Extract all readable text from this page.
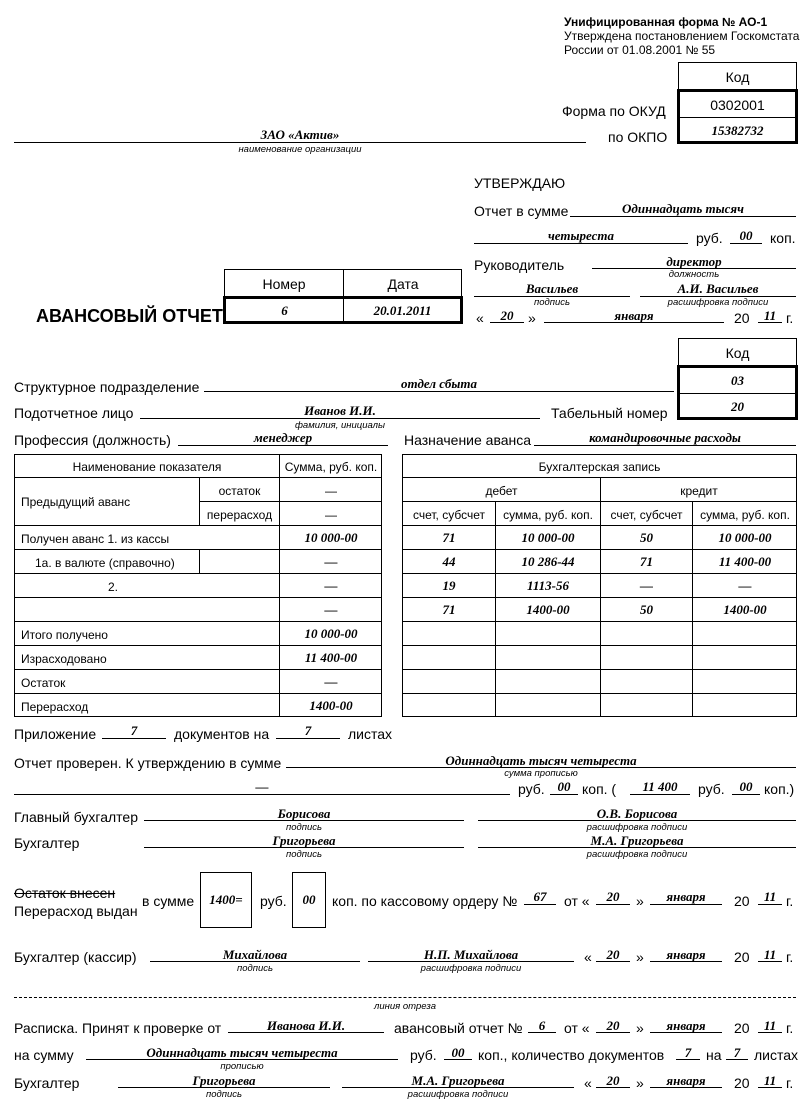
Унифицированная форма № АО-1
Утверждена постановлением Госкомстата
России от 01.08.2001 № 55
Код
0302001
15382732
Форма по ОКУД
по ОКПО
ЗАО «Актив»
наименование организации
УТВЕРЖДАЮ
Отчет в сумме	Одиннадцать тысяч
четыреста	руб.	00	коп.
Руководитель	директор
должность
Васильев
подпись
А.И. Васильев
расшифровка подписи
«	20	»	января	20	11 г.
АВАНСОВЫЙ ОТЧЕТ
Номер	Дата
6	20.01.2011
Код
03
20
Структурное подразделение	отдел сбыта
Подотчетное лицо	Иванов И.И.
фамилия, инициалы
Табельный номер
Профессия (должность)	менеджер	Назначение аванса	командировочные расходы
Наименование показателя	Сумма, руб. коп.
Предыдущий аванс
остаток	—
перерасход	—
Получен аванс 1. из кассы	10 000-00
1а. в валюте (справочно)	—
2.	—
—
Итого получено	10 000-00
Израсходовано	11 400-00
Остаток	—
Перерасход	1400-00
Бухгалтерская запись
дебет	кредит
счет, субсчет	сумма, руб. коп.	счет, субсчет	сумма, руб. коп.
71	10 000-00	50	10 000-00
44	10 286-44	71	11 400-00
19	1113-56	—	—
71	1400-00	50	1400-00
Приложение	7	документов на	7	листах
Отчет проверен. К утверждению в сумме	Одиннадцать тысяч четыреста
сумма прописью
—	руб. 00 коп. (	11 400	руб.	00 коп.)
Главный бухгалтер	Борисова
подпись
О.В. Борисова
расшифровка подписи
Бухгалтер	Григорьева
подпись
М.А. Григорьева
расшифровка подписи
Остаток внесен
Перерасход выдан
в сумме	1400=	руб.	00	коп. по кассовому ордеру №	67	от «	20	»	января	20	11 г.
Бухгалтер (кассир)	Михайлова
подпись
Н.П. Михайлова
расшифровка подписи
«	20	»	января	20	11 г.
линия отреза
Расписка. Принят к проверке от	Иванова И.И.	авансовый отчет №	6	от «	20	»	января	20	11 г.
на сумму	Одиннадцать тысяч четыреста
прописью
руб.	00 коп., количество документов	7	на 7 листах
Бухгалтер	Григорьева
подпись
М.А. Григорьева
расшифровка подписи
«	20	»	января	20	11 г.
